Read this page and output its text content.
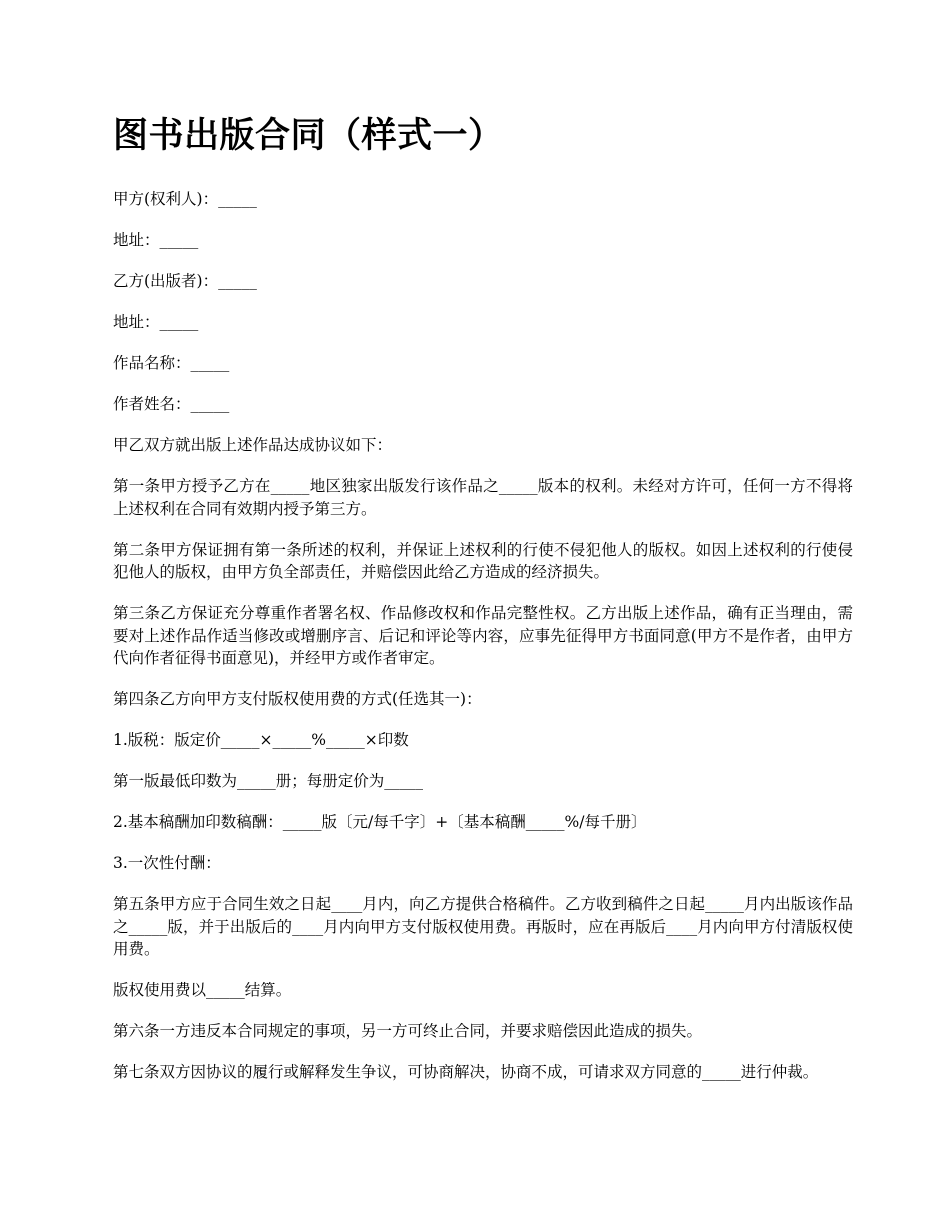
图书出版合同（样式一）

甲方(权利人)：_____

地址：_____

乙方(出版者)：_____

地址：_____

作品名称：_____

作者姓名：_____

甲乙双方就出版上述作品达成协议如下：

第一条甲方授予乙方在_____地区独家出版发行该作品之_____版本的权利。未经对方许可，任何一方不得将上述权利在合同有效期内授予第三方。

第二条甲方保证拥有第一条所述的权利，并保证上述权利的行使不侵犯他人的版权。如因上述权利的行使侵犯他人的版权，由甲方负全部责任，并赔偿因此给乙方造成的经济损失。

第三条乙方保证充分尊重作者署名权、作品修改权和作品完整性权。乙方出版上述作品，确有正当理由，需要对上述作品作适当修改或增删序言、后记和评论等内容，应事先征得甲方书面同意(甲方不是作者，由甲方代向作者征得书面意见)，并经甲方或作者审定。

第四条乙方向甲方支付版权使用费的方式(任选其一)：

1.版税：版定价_____×_____%_____×印数

第一版最低印数为_____册；每册定价为_____

2.基本稿酬加印数稿酬：_____版〔元/每千字〕+〔基本稿酬_____%/每千册〕

3.一次性付酬：

第五条甲方应于合同生效之日起____月内，向乙方提供合格稿件。乙方收到稿件之日起_____月内出版该作品之_____版，并于出版后的____月内向甲方支付版权使用费。再版时，应在再版后____月内向甲方付清版权使用费。

版权使用费以_____结算。

第六条一方违反本合同规定的事项，另一方可终止合同，并要求赔偿因此造成的损失。

第七条双方因协议的履行或解释发生争议，可协商解决，协商不成，可请求双方同意的_____进行仲裁。
